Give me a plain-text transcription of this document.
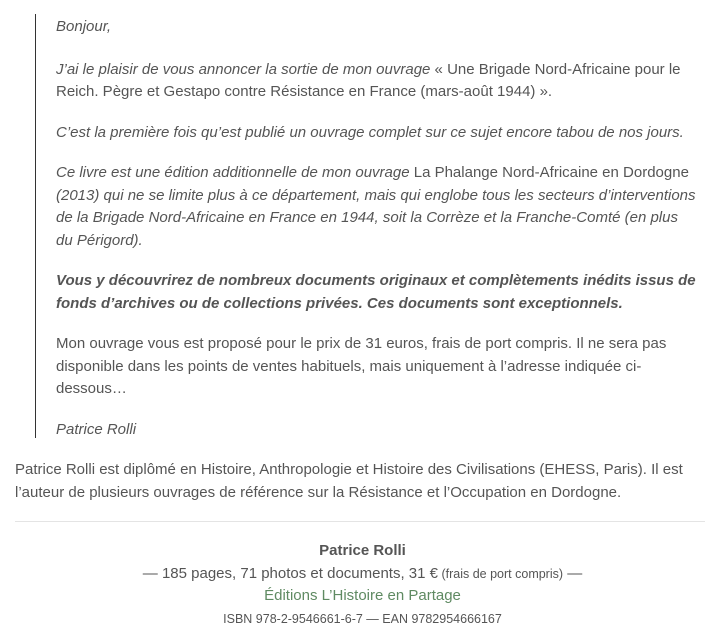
Bonjour,

J’ai le plaisir de vous annoncer la sortie de mon ouvrage « Une Brigade Nord-Africaine pour le Reich. Pègre et Gestapo contre Résistance en France (mars-août 1944) ».

C’est la première fois qu’est publié un ouvrage complet sur ce sujet encore tabou de nos jours.

Ce livre est une édition additionnelle de mon ouvrage La Phalange Nord-Africaine en Dordogne (2013) qui ne se limite plus à ce département, mais qui englobe tous les secteurs d’interventions de la Brigade Nord-Africaine en France en 1944, soit la Corrèze et la Franche-Comté (en plus du Périgord).

Vous y découvrirez de nombreux documents originaux et complètements inédits issus de fonds d’archives ou de collections privées. Ces documents sont exceptionnels.

Mon ouvrage vous est proposé pour le prix de 31 euros, frais de port compris. Il ne sera pas disponible dans les points de ventes habituels, mais uniquement à l’adresse indiquée ci-dessous…

Patrice Rolli

Patrice Rolli est diplômé en Histoire, Anthropologie et Histoire des Civilisations (EHESS, Paris). Il est l’auteur de plusieurs ouvrages de référence sur la Résistance et l’Occupation en Dordogne.

Patrice Rolli
— 185 pages, 71 photos et documents, 31 € (frais de port compris) —
Éditions L’Histoire en Partage
ISBN 978-2-9546661-6-7 — EAN 9782954666167
